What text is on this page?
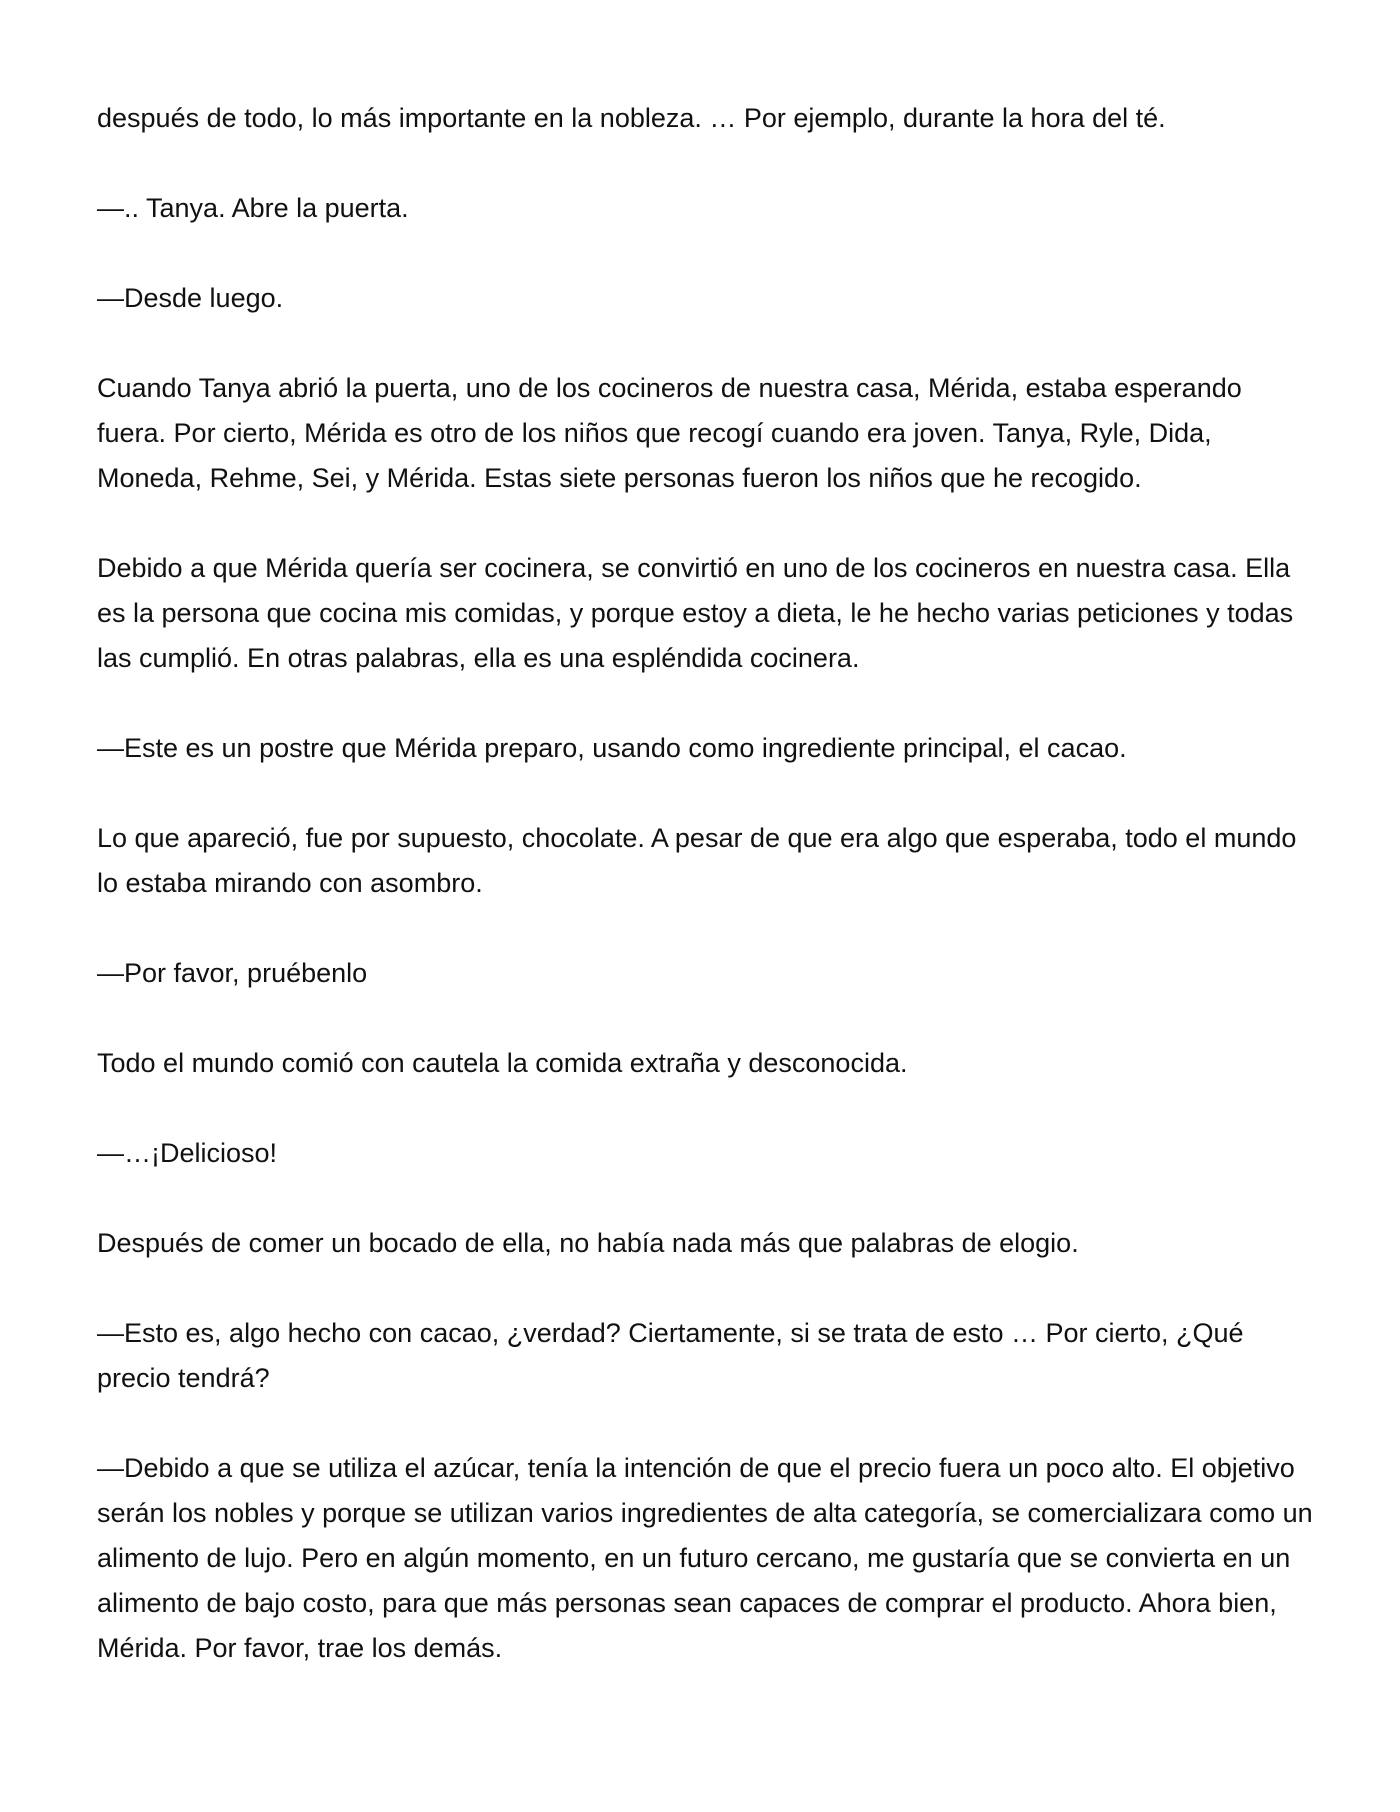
después de todo, lo más importante en la nobleza. … Por ejemplo, durante la hora del té.

—.. Tanya. Abre la puerta.

—Desde luego.

Cuando Tanya abrió la puerta, uno de los cocineros de nuestra casa, Mérida, estaba esperando fuera. Por cierto, Mérida es otro de los niños que recogí cuando era joven. Tanya, Ryle, Dida, Moneda, Rehme, Sei, y Mérida. Estas siete personas fueron los niños que he recogido.

Debido a que Mérida quería ser cocinera, se convirtió en uno de los cocineros en nuestra casa. Ella es la persona que cocina mis comidas, y porque estoy a dieta, le he hecho varias peticiones y todas las cumplió. En otras palabras, ella es una espléndida cocinera.

—Este es un postre que Mérida preparo, usando como ingrediente principal, el cacao.

Lo que apareció, fue por supuesto, chocolate. A pesar de que era algo que esperaba, todo el mundo lo estaba mirando con asombro.

—Por favor, pruébenlo

Todo el mundo comió con cautela la comida extraña y desconocida.

—…¡Delicioso!

Después de comer un bocado de ella, no había nada más que palabras de elogio.

—Esto es, algo hecho con cacao, ¿verdad? Ciertamente, si se trata de esto … Por cierto, ¿Qué precio tendrá?

—Debido a que se utiliza el azúcar, tenía la intención de que el precio fuera un poco alto. El objetivo serán los nobles y porque se utilizan varios ingredientes de alta categoría, se comercializara como un alimento de lujo. Pero en algún momento, en un futuro cercano, me gustaría que se convierta en un alimento de bajo costo, para que más personas sean capaces de comprar el producto. Ahora bien, Mérida. Por favor, trae los demás.
